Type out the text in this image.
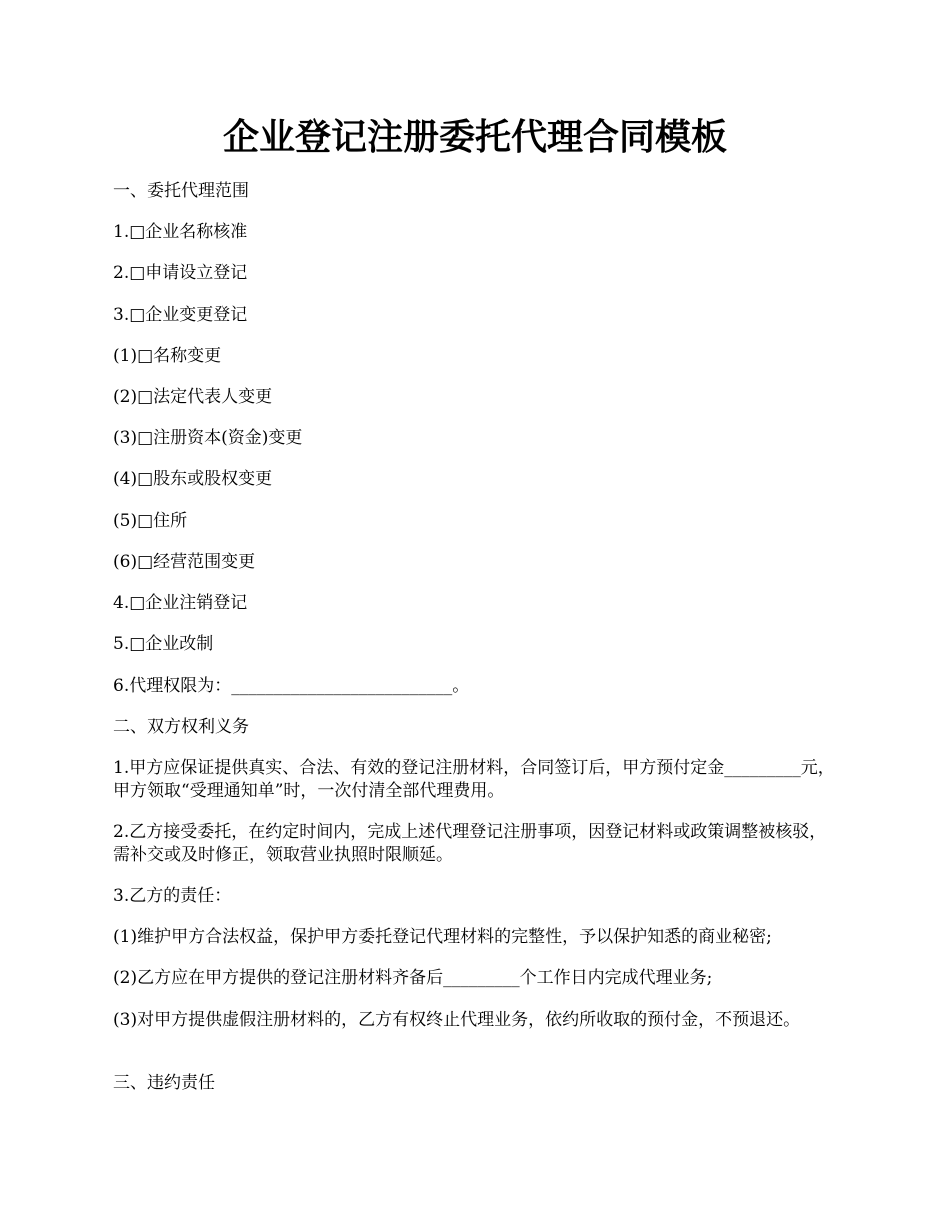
企业登记注册委托代理合同模板

一、委托代理范围

1.□企业名称核准

2.□申请设立登记

3.□企业变更登记

(1)□名称变更

(2)□法定代表人变更

(3)□注册资本(资金)变更

(4)□股东或股权变更

(5)□住所

(6)□经营范围变更

4.□企业注销登记

5.□企业改制

6.代理权限为：__________________________。

二、双方权利义务

1.甲方应保证提供真实、合法、有效的登记注册材料，合同签订后，甲方预付定金_________元，甲方领取“受理通知单”时，一次付清全部代理费用。

2.乙方接受委托，在约定时间内，完成上述代理登记注册事项，因登记材料或政策调整被核驳，需补交或及时修正，领取营业执照时限顺延。

3.乙方的责任：

(1)维护甲方合法权益，保护甲方委托登记代理材料的完整性，予以保护知悉的商业秘密;

(2)乙方应在甲方提供的登记注册材料齐备后_________个工作日内完成代理业务;

(3)对甲方提供虚假注册材料的，乙方有权终止代理业务，依约所收取的预付金，不预退还。

三、违约责任
